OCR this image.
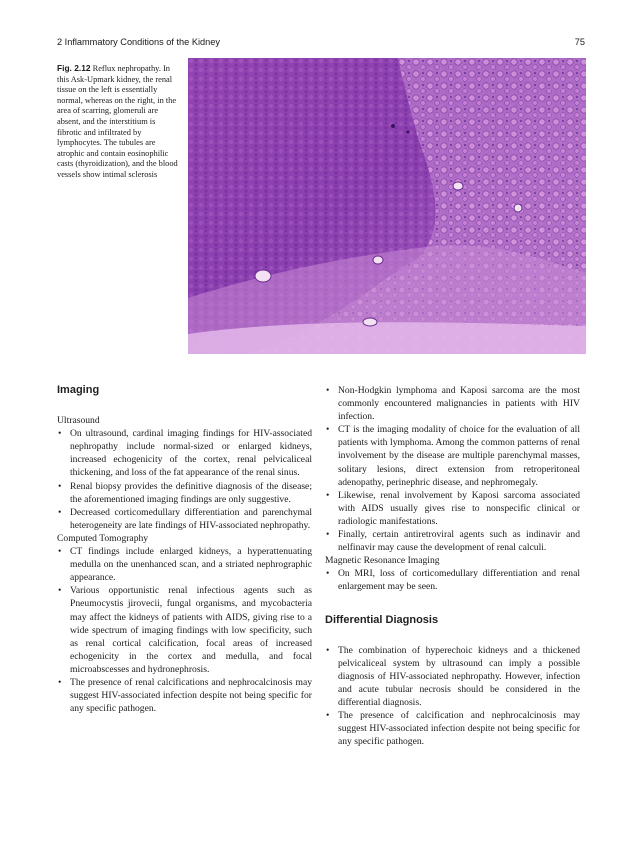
2 Inflammatory Conditions of the Kidney	75
Fig. 2.12 Reflux nephropathy. In this Ask-Upmark kidney, the renal tissue on the left is essentially normal, whereas on the right, in the area of scarring, glomeruli are absent, and the interstitium is fibrotic and infiltrated by lymphocytes. The tubules are atrophic and contain eosinophilic casts (thyroidization), and the blood vessels show intimal sclerosis
Imaging

Ultrasound

• On ultrasound, cardinal imaging findings for HIV-associated nephropathy include normal-sized or enlarged kidneys, increased echogenicity of the cortex, renal pelvicaliceal thickening, and loss of the fat appearance of the renal sinus.
• Renal biopsy provides the definitive diagnosis of the disease; the aforementioned imaging findings are only suggestive.
• Decreased corticomedullary differentiation and parenchymal heterogeneity are late findings of HIV-associated nephropathy.

Computed Tomography

• CT findings include enlarged kidneys, a hyperattenuating medulla on the unenhanced scan, and a striated nephrographic appearance.
• Various opportunistic renal infectious agents such as Pneumocystis jirovecii, fungal organisms, and mycobacteria may affect the kidneys of patients with AIDS, giving rise to a wide spectrum of imaging findings with low specificity, such as renal cortical calcification, focal areas of increased echogenicity in the cortex and medulla, and focal microabscesses and hydronephrosis.
• The presence of renal calcifications and nephrocalcinosis may suggest HIV-associated infection despite not being specific for any specific pathogen.
• Non-Hodgkin lymphoma and Kaposi sarcoma are the most commonly encountered malignancies in patients with HIV infection.
• CT is the imaging modality of choice for the evaluation of all patients with lymphoma. Among the common patterns of renal involvement by the disease are multiple parenchymal masses, solitary lesions, direct extension from retroperitoneal adenopathy, perinephric disease, and nephromegaly.
• Likewise, renal involvement by Kaposi sarcoma associated with AIDS usually gives rise to nonspecific clinical or radiologic manifestations.
• Finally, certain antiretroviral agents such as indinavir and nelfinavir may cause the development of renal calculi.

Magnetic Resonance Imaging

• On MRI, loss of corticomedullary differentiation and renal enlargement may be seen.
Differential Diagnosis
• The combination of hyperechoic kidneys and a thickened pelvicaliceal system by ultrasound can imply a possible diagnosis of HIV-associated nephropathy. However, infection and acute tubular necrosis should be considered in the differential diagnosis.
• The presence of calcification and nephrocalcinosis may suggest HIV-associated infection despite not being specific for any specific pathogen.
